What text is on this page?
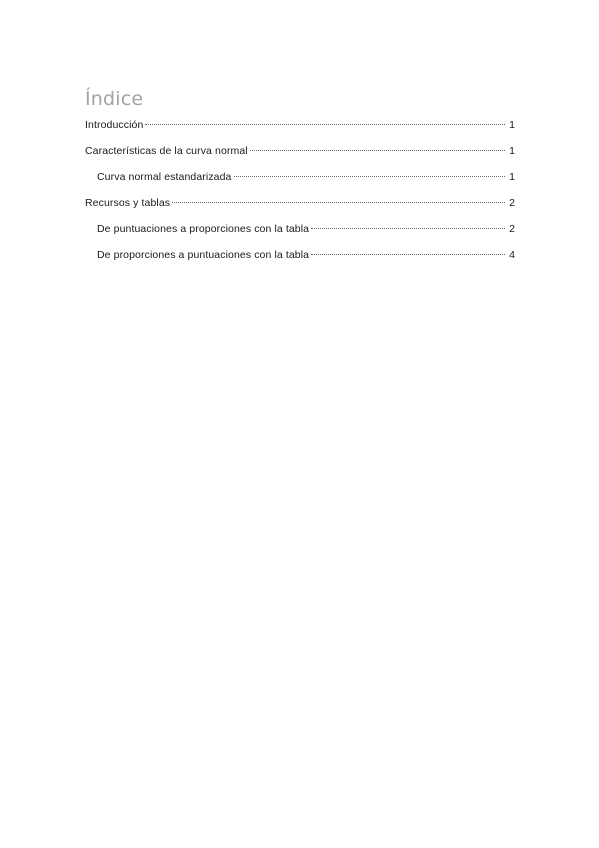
Índice
Introducción	1
Características de la curva normal	1
Curva normal estandarizada	1
Recursos y tablas	2
De puntuaciones a proporciones con la tabla	2
De proporciones a puntuaciones con la tabla	4
